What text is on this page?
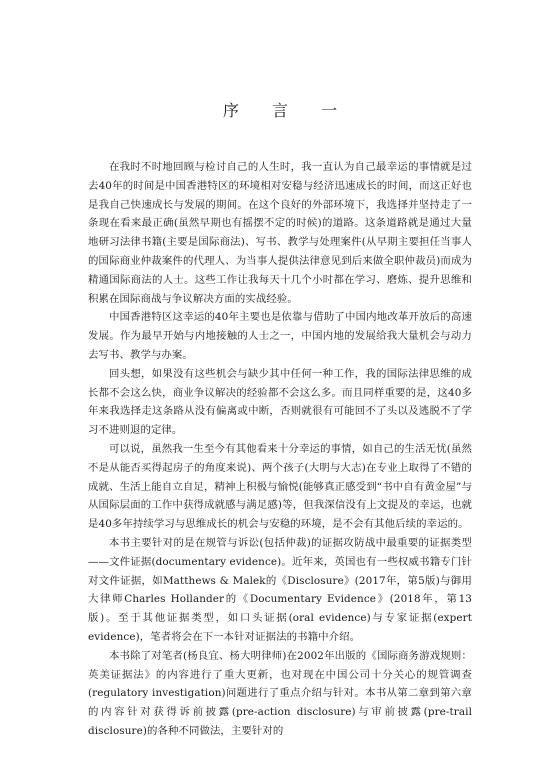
序 言 一

在我时不时地回顾与检讨自己的人生时，我一直认为自己最幸运的事情就是过去40年的时间是中国香港特区的环境相对安稳与经济迅速成长的时间，而这正好也是我自己快速成长与发展的期间。在这个良好的外部环境下，我选择并坚持走了一条现在看来最正确(虽然早期也有摇摆不定的时候)的道路。这条道路就是通过大量地研习法律书籍(主要是国际商法)、写书、教学与处理案件(从早期主要担任当事人的国际商业仲裁案件的代理人、为当事人提供法律意见到后来做全职仲裁员)而成为精通国际商法的人士。这些工作让我每天十几个小时都在学习、磨炼、提升思维和积累在国际商战与争议解决方面的实战经验。

中国香港特区这幸运的40年主要也是依靠与借助了中国内地改革开放后的高速发展。作为最早开始与内地接触的人士之一，中国内地的发展给我大量机会与动力去写书、教学与办案。

回头想，如果没有这些机会与缺少其中任何一种工作，我的国际法律思维的成长都不会这么快，商业争议解决的经验都不会这么多。而且同样重要的是，这40多年来我选择走这条路从没有偏离或中断，否则就很有可能回不了头以及逃脱不了学习不进则退的定律。

可以说，虽然我一生至今有其他看来十分幸运的事情，如自己的生活无忧(虽然不是从能否买得起房子的角度来说)、两个孩子(大明与大志)在专业上取得了不错的成就、生活上能自立自足，精神上积极与愉悦(能够真正感受到“书中自有黄金屋”与从国际层面的工作中获得成就感与满足感)等，但我深信没有上文提及的幸运，也就是40多年持续学习与思维成长的机会与安稳的环境，是不会有其他后续的幸运的。

本书主要针对的是在规管与诉讼(包括仲裁)的证据攻防战中最重要的证据类型——文件证据(documentary evidence)。近年来，英国也有一些权威书籍专门针对文件证据，如Matthews & Malek的《Disclosure》(2017年，第5版)与御用大律师Charles Hollander的《Documentary Evidence》(2018年，第13版)。至于其他证据类型，如口头证据(oral evidence)与专家证据(expert evidence)，笔者将会在下一本针对证据法的书籍中介绍。

本书除了对笔者(杨良宜、杨大明律师)在2002年出版的《国际商务游戏规则：英美证据法》的内容进行了重大更新，也对现在中国公司十分关心的规管调查(regulatory investigation)问题进行了重点介绍与针对。本书从第二章到第六章的内容针对获得诉前披露(pre-action disclosure)与审前披露(pre-trail disclosure)的各种不同做法，主要针对的
